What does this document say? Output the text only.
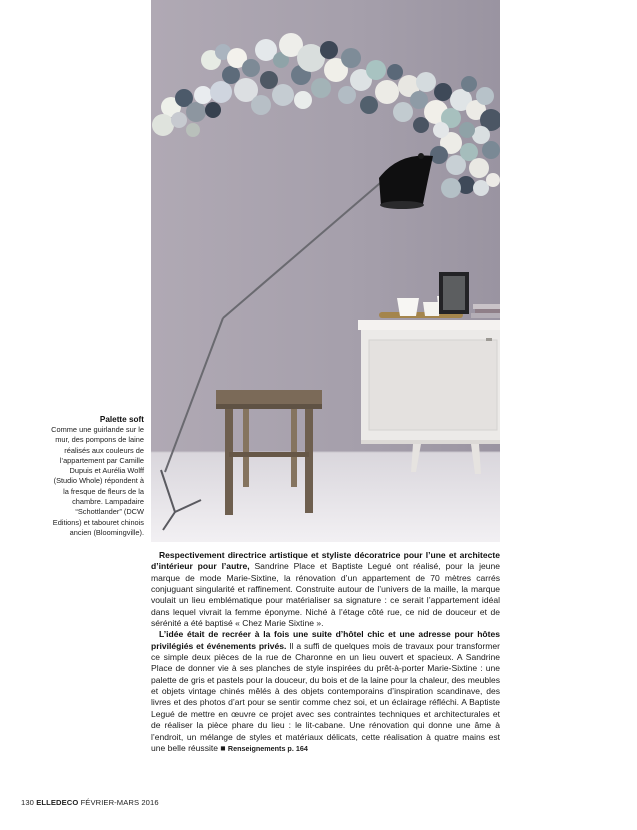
Palette soft
Comme une guirlande sur le
mur, des pompons de laine
réalisés aux couleurs de
l’appartement par Camille
Dupuis et Aurélia Wolff
(Studio Whole) répondent à
la fresque de fleurs de la
chambre. Lampadaire
“Schottlander” (DCW
Editions) et tabouret chinois
ancien (Bloomingville).

Respectivement directrice artistique et styliste décoratrice pour l’une et architecte d’intérieur pour l’autre, Sandrine Place et Baptiste Legué ont réalisé, pour la jeune marque de mode Marie-Sixtine, la rénovation d’un appartement de 70 mètres carrés conjuguant singularité et raffinement. Construite autour de l’univers de la maille, la marque voulait un lieu emblématique pour matérialiser sa signature : ce serait l’appartement idéal dans lequel vivrait la femme éponyme. Niché à l’étage côté rue, ce nid de douceur et de sérénité a été baptisé « Chez Marie Sixtine ».

L’idée était de recréer à la fois une suite d’hôtel chic et une adresse pour hôtes privilégiés et événements privés. Il a suffi de quelques mois de travaux pour transformer ce simple deux pièces de la rue de Charonne en un lieu ouvert et spacieux. A Sandrine Place de donner vie à ses planches de style inspirées du prêt-à-porter Marie-Sixtine : une palette de gris et pastels pour la douceur, du bois et de la laine pour la chaleur, des meubles et objets vintage chinés mêlés à des objets contemporains d’inspiration scandinave, des livres et des photos d’art pour se sentir comme chez soi, et un éclairage réfléchi. A Baptiste Legué de mettre en œuvre ce projet avec ses contraintes techniques et architecturales et de réaliser la pièce phare du lieu : le lit-cabane. Une rénovation qui donne une âme à l’endroit, un mélange de styles et matériaux délicats, cette réalisation à quatre mains est une belle réussite ■ Renseignements p. 164

130 ELLEDECO FÉVRIER-MARS 2016
